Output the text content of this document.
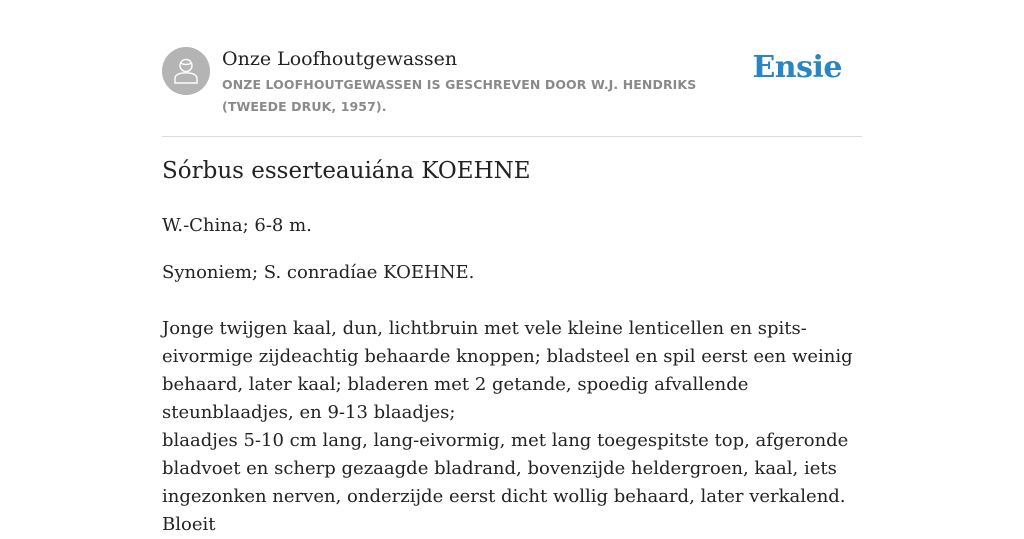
Onze Loofhoutgewassen
ONZE LOOFHOUTGEWASSEN IS GESCHREVEN DOOR W.J. HENDRIKS (TWEEDE DRUK, 1957).
Ensie
Sórbus esserteauiána KOEHNE

W.-China; 6-8 m.

Synoniem; S. conradíae KOEHNE.

Jonge twijgen kaal, dun, lichtbruin met vele kleine lenticellen en spits-eivormige zijdeachtig behaarde knoppen; bladsteel en spil eerst een weinig behaard, later kaal; bladeren met 2 getande, spoedig afvallende steunblaadjes, en 9-13 blaadjes;

blaadjes 5-10 cm lang, lang-eivormig, met lang toegespitste top, afgeronde bladvoet en scherp gezaagde bladrand, bovenzijde heldergroen, kaal, iets ingezonken nerven, onderzijde eerst dicht wollig behaard, later verkalend. Bloeit
